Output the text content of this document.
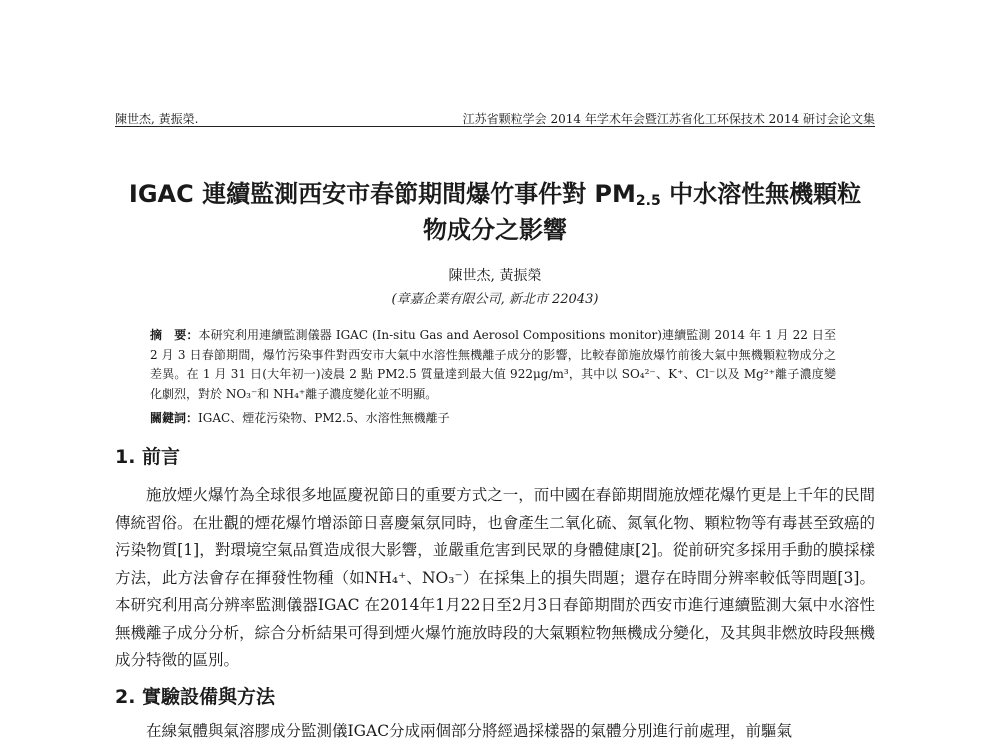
陳世杰, 黃振榮.	江苏省颗粒学会 2014 年学术年会暨江苏省化工环保技术 2014 研讨会论文集
IGAC 連續監測西安市春節期間爆竹事件對 $PM_{2.5}$ 中水溶性無機顆粒
物成分之影響
陳世杰, 黃振榮
(章嘉企業有限公司, 新北市 22043)

摘　要：本研究利用連續監測儀器 IGAC (In-situ Gas and Aerosol Compositions monitor)連續監測 2014 年 1 月 22 日至 2 月 3 日春節期間，爆竹污染事件對西安市大氣中水溶性無機離子成分的影響，比較春節施放爆竹前後大氣中無機顆粒物成分之差異。在 1 月 31 日(大年初一)凌晨 2 點 PM2.5 質量達到最大值 922μg/m³，其中以 SO₄²⁻、K⁺、Cl⁻以及 Mg²⁺離子濃度變化劇烈，對於 NO₃⁻和 NH₄⁺離子濃度變化並不明顯。

關鍵詞：IGAC、煙花污染物、PM2.5、水溶性無機離子
1. 前言

施放煙火爆竹為全球很多地區慶祝節日的重要方式之一，而中國在春節期間施放煙花爆竹更是上千年的民間傳統習俗。在壯觀的煙花爆竹增添節日喜慶氣氛同時，也會產生二氧化硫、氮氧化物、顆粒物等有毒甚至致癌的污染物質[1]，對環境空氣品質造成很大影響，並嚴重危害到民眾的身體健康[2]。從前研究多採用手動的膜採樣方法，此方法會存在揮發性物種（如NH₄⁺、NO₃⁻）在採集上的損失問題；還存在時間分辨率較低等問題[3]。本研究利用高分辨率監測儀器IGAC 在2014年1月22日至2月3日春節期間於西安市進行連續監測大氣中水溶性無機離子成分分析，綜合分析結果可得到煙火爆竹施放時段的大氣顆粒物無機成分變化，及其與非燃放時段無機成分特徵的區別。

2. 實驗設備與方法
在線氣體與氣溶膠成分監測儀IGAC分成兩個部分將經過採樣器的氣體分別進行前處理，前驅氣
